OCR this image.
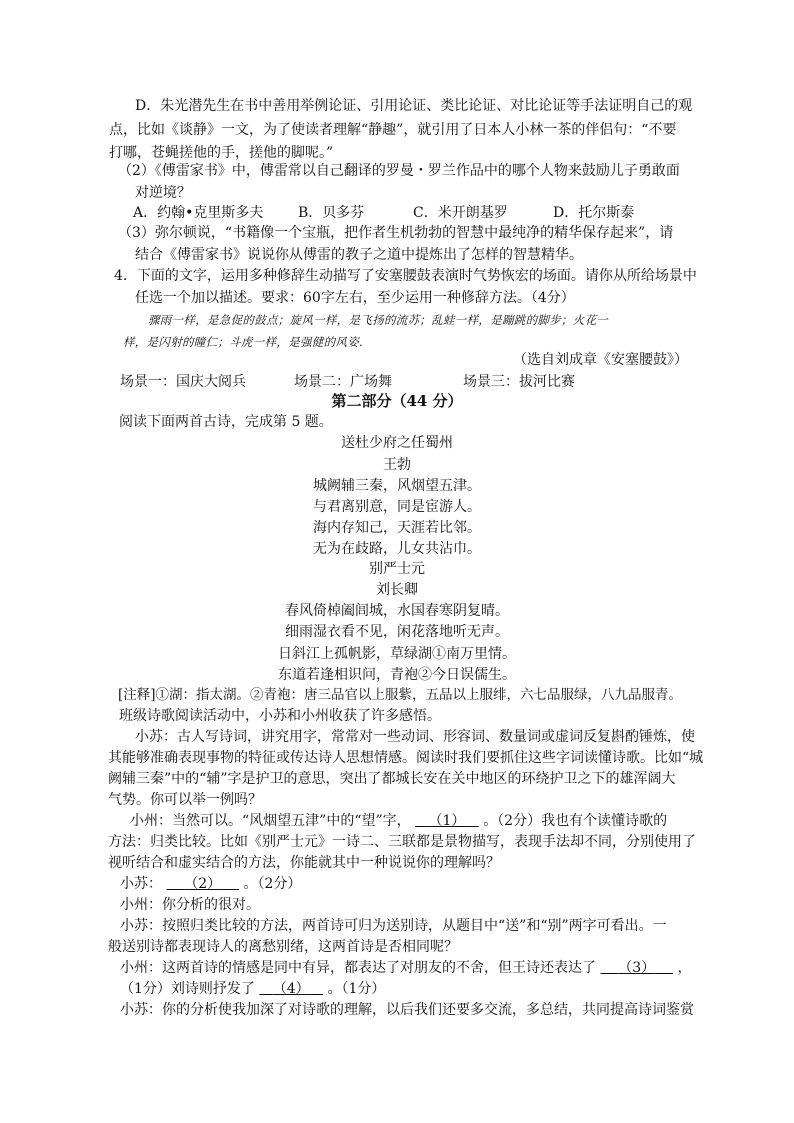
D．朱光潜先生在书中善用举例论证、引用论证、类比论证、对比论证等手法证明自己的观
点，比如《谈静》一文，为了使读者理解“静趣”，就引用了日本人小林一茶的伴侣句：“不要
打哪，苍蝇搓他的手，搓他的脚呢。”
（2）《傅雷家书》中，傅雷常以自己翻译的罗曼・罗兰作品中的哪个人物来鼓励儿子勇敢面
对逆境？
A．约翰•克里斯多夫	B．贝多芬	C．米开朗基罗	D．托尔斯泰
（3）弥尔顿说，“书籍像一个宝瓶，把作者生机勃勃的智慧中最纯净的精华保存起来”，请
结合《傅雷家书》说说你从傅雷的教子之道中提炼出了怎样的智慧精华。
4．下面的文字，运用多种修辞生动描写了安塞腰鼓表演时气势恢宏的场面。请你从所给场景中
任选一个加以描述。要求：60字左右，至少运用一种修辞方法。（4分）
骤雨一样，是急促的鼓点；旋风一样，是飞扬的流苏；乱蛙一样，是蹦跳的脚步；火花一
样，是闪射的瞳仁；斗虎一样，是强健的风姿.
（选自刘成章《安塞腰鼓》）
场景一：国庆大阅兵	场景二：广场舞	场景三：拔河比赛
第二部分（44 分）
阅读下面两首古诗，完成第 5 题。
送杜少府之任蜀州
王勃
城阙辅三秦，风烟望五津。
与君离别意，同是宦游人。
海内存知己，天涯若比邻。
无为在歧路，儿女共沾巾。
别严士元
刘长卿
春风倚棹阖闾城，水国春寒阴复晴。
细雨湿衣看不见，闲花落地听无声。
日斜江上孤帆影，草绿湖①南万里情。
东道若逢相识问，青袍②今日误儒生。
[注释]①湖：指太湖。②青袍：唐三品官以上服紫，五品以上服绯，六七品服绿，八九品服青。
班级诗歌阅读活动中，小苏和小州收获了许多感悟。
小苏：古人写诗词，讲究用字，常常对一些动词、形容词、数量词或虚词反复斟酌锤炼，使
其能够准确表现事物的特征或传达诗人思想情感。阅读时我们要抓住这些字词读懂诗歌。比如“城
阙辅三秦”中的“辅”字是护卫的意思，突出了都城长安在关中地区的环绕护卫之下的雄浑阔大
气势。你可以举一例吗？
小州：当然可以。“风烟望五津”中的“望”字， （1） 。（2分）我也有个读懂诗歌的
方法：归类比较。比如《别严士元》一诗二、三联都是景物描写，表现手法却不同，分别使用了
视听结合和虚实结合的方法，你能就其中一种说说你的理解吗？
小苏： （2） 。（2分）
小州：你分析的很对。
小苏：按照归类比较的方法，两首诗可归为送别诗，从题目中“送”和“别”两字可看出。一
般送别诗都表现诗人的离愁别绪，这两首诗是否相同呢？
小州：这两首诗的情感是同中有异，都表达了对朋友的不舍，但王诗还表达了 （3） ，
（1分）刘诗则抒发了 （4） 。（1分）
小苏：你的分析使我加深了对诗歌的理解，以后我们还要多交流，多总结，共同提高诗词鉴赏
